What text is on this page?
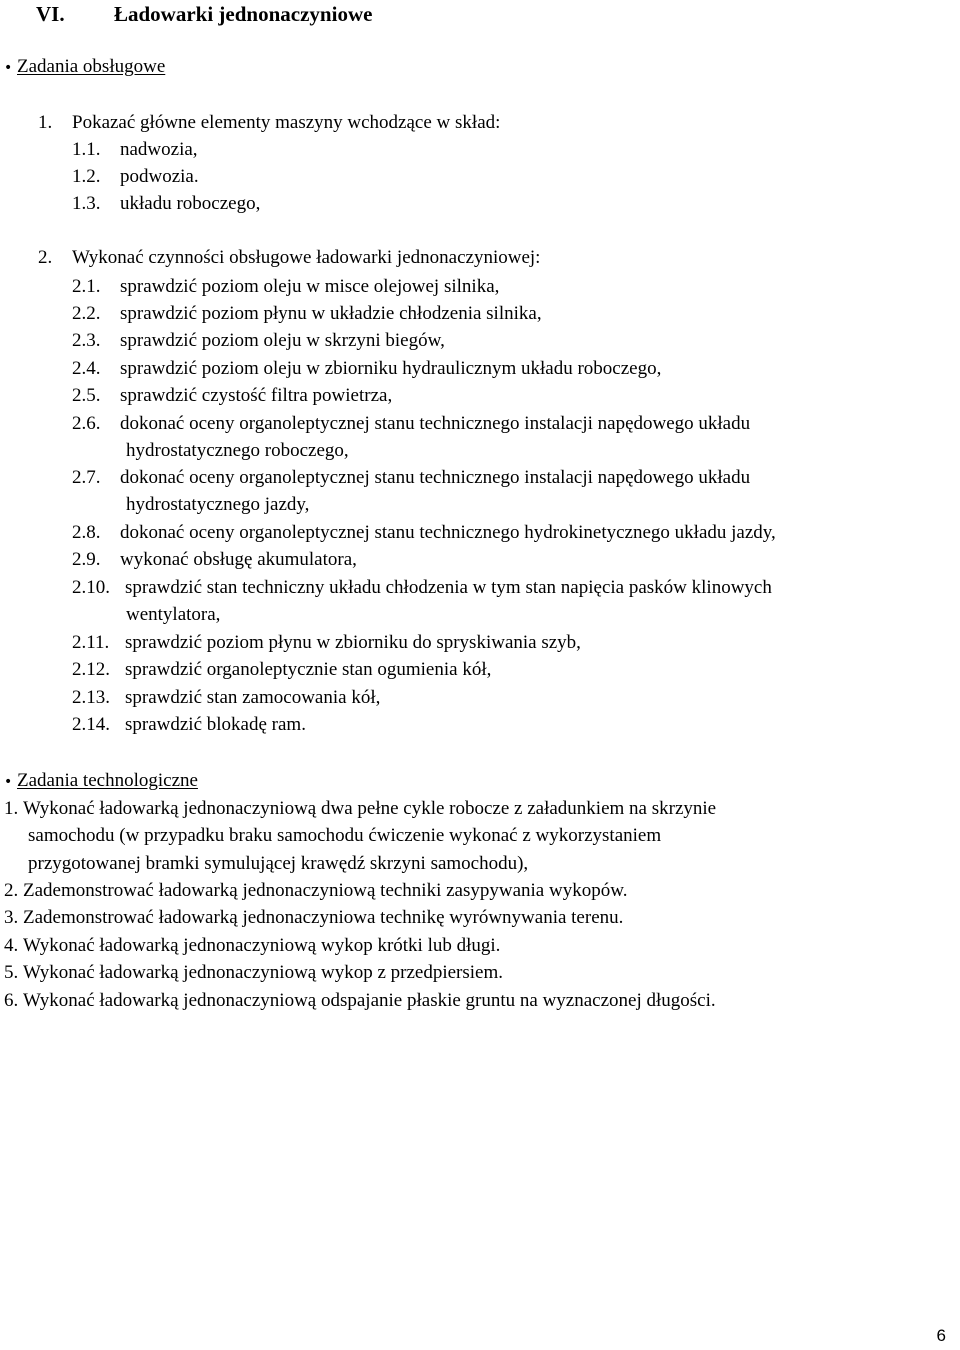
VI. Ładowarki jednonaczyniowe
• Zadania obsługowe
1. Pokazać główne elementy maszyny wchodzące w skład:
1.1. nadwozia,
1.2. podwozia.
1.3. układu roboczego,
2. Wykonać czynności obsługowe ładowarki jednonaczyniowej:
2.1. sprawdzić poziom oleju w misce olejowej silnika,
2.2. sprawdzić poziom płynu w układzie chłodzenia silnika,
2.3. sprawdzić poziom oleju w skrzyni biegów,
2.4. sprawdzić poziom oleju w zbiorniku hydraulicznym układu roboczego,
2.5. sprawdzić czystość filtra powietrza,
2.6. dokonać oceny organoleptycznej stanu technicznego instalacji napędowego układu
hydrostatycznego roboczego,
2.7. dokonać oceny organoleptycznej stanu technicznego instalacji napędowego układu
hydrostatycznego jazdy,
2.8. dokonać oceny organoleptycznej stanu technicznego hydrokinetycznego układu jazdy,
2.9. wykonać obsługę akumulatora,
2.10. sprawdzić stan techniczny układu chłodzenia w tym stan napięcia pasków klinowych
wentylatora,
2.11. sprawdzić poziom płynu w zbiorniku do spryskiwania szyb,
2.12. sprawdzić organoleptycznie stan ogumienia kół,
2.13. sprawdzić stan zamocowania kół,
2.14. sprawdzić blokadę ram.
• Zadania technologiczne
1. Wykonać ładowarką jednonaczyniową dwa pełne cykle robocze z załadunkiem na skrzynie
samochodu (w przypadku braku samochodu ćwiczenie wykonać z wykorzystaniem
przygotowanej bramki symulującej krawędź skrzyni samochodu),
2. Zademonstrować ładowarką jednonaczyniową techniki zasypywania wykopów.
3. Zademonstrować ładowarką jednonaczyniowa technikę wyrównywania terenu.
4. Wykonać ładowarką jednonaczyniową wykop krótki lub długi.
5. Wykonać ładowarką jednonaczyniową wykop z przedpiersiem.
6. Wykonać ładowarką jednonaczyniową odspajanie płaskie gruntu na wyznaczonej długości.
6
